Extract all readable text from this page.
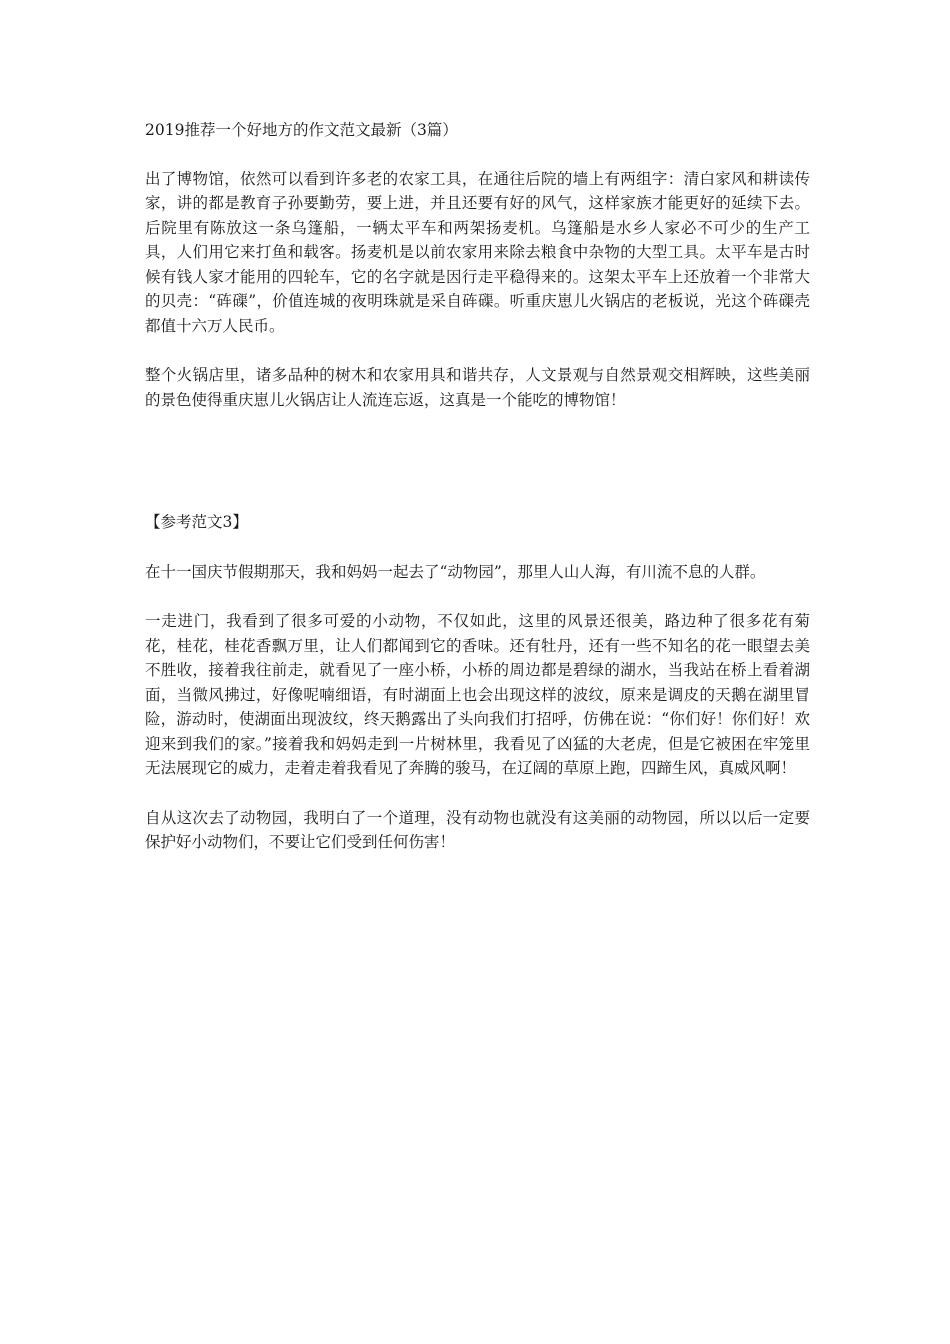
2019推荐一个好地方的作文范文最新（3篇）

出了博物馆，依然可以看到许多老的农家工具，在通往后院的墙上有两组字：清白家风和耕读传家，讲的都是教育子孙要勤劳，要上进，并且还要有好的风气，这样家族才能更好的延续下去。后院里有陈放这一条乌篷船，一辆太平车和两架扬麦机。乌篷船是水乡人家必不可少的生产工具，人们用它来打鱼和载客。扬麦机是以前农家用来除去粮食中杂物的大型工具。太平车是古时候有钱人家才能用的四轮车，它的名字就是因行走平稳得来的。这架太平车上还放着一个非常大的贝壳：“砗磲”，价值连城的夜明珠就是采自砗磲。听重庆崽儿火锅店的老板说，光这个砗磲壳都值十六万人民币。

整个火锅店里，诸多品种的树木和农家用具和谐共存，人文景观与自然景观交相辉映，这些美丽的景色使得重庆崽儿火锅店让人流连忘返，这真是一个能吃的博物馆！

【参考范文3】

在十一国庆节假期那天，我和妈妈一起去了“动物园”，那里人山人海，有川流不息的人群。

一走进门，我看到了很多可爱的小动物，不仅如此，这里的风景还很美，路边种了很多花有菊花，桂花，桂花香飘万里，让人们都闻到它的香味。还有牡丹，还有一些不知名的花一眼望去美不胜收，接着我往前走，就看见了一座小桥，小桥的周边都是碧绿的湖水，当我站在桥上看着湖面，当微风拂过，好像呢喃细语，有时湖面上也会出现这样的波纹，原来是调皮的天鹅在湖里冒险，游动时，使湖面出现波纹，终天鹅露出了头向我们打招呼，仿佛在说：“你们好！你们好！欢迎来到我们的家。”接着我和妈妈走到一片树林里，我看见了凶猛的大老虎，但是它被困在牢笼里无法展现它的威力，走着走着我看见了奔腾的骏马，在辽阔的草原上跑，四蹄生风，真威风啊！

自从这次去了动物园，我明白了一个道理，没有动物也就没有这美丽的动物园，所以以后一定要保护好小动物们，不要让它们受到任何伤害！
